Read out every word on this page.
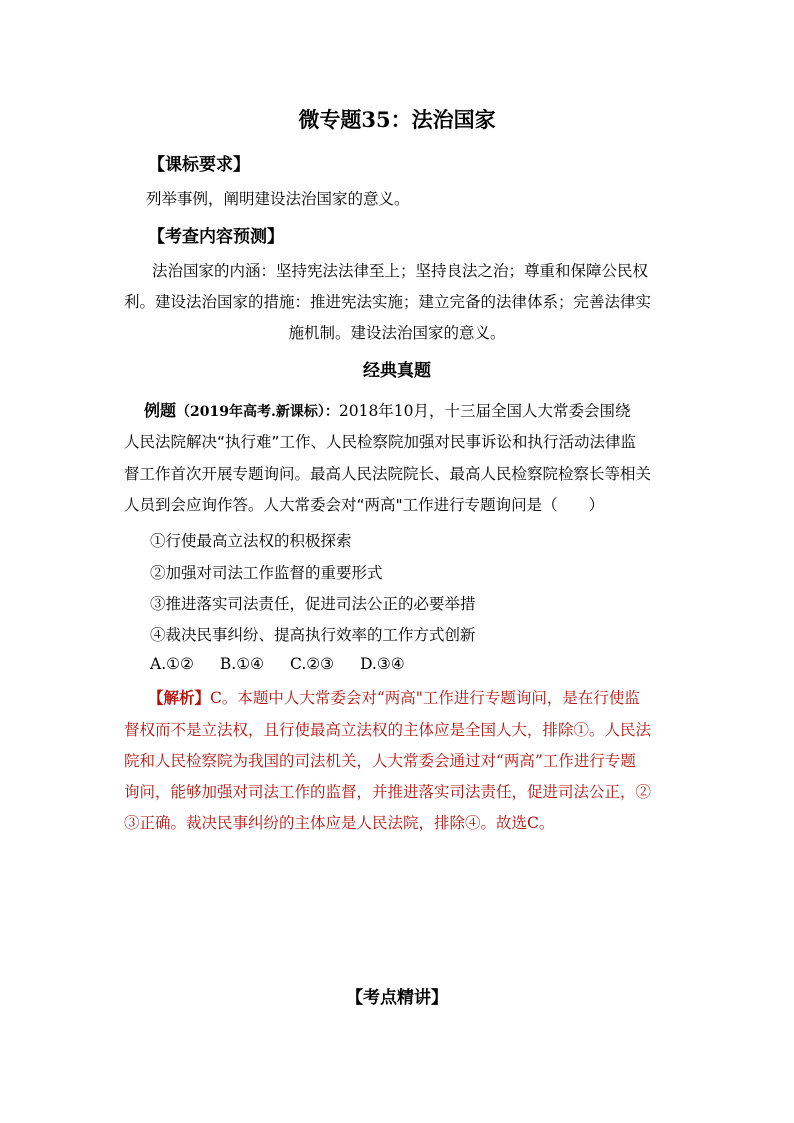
微专题35：法治国家
【课标要求】
列举事例，阐明建设法治国家的意义。
【考查内容预测】
法治国家的内涵：坚持宪法法律至上；坚持良法之治；尊重和保障公民权
利。建设法治国家的措施：推进宪法实施；建立完备的法律体系；完善法律实
施机制。建设法治国家的意义。
经典真题
例题（2019年高考.新课标）：2018年10月，十三届全国人大常委会围绕
人民法院解决“执行难”工作、人民检察院加强对民事诉讼和执行活动法律监
督工作首次开展专题询问。最高人民法院院长、最高人民检察院检察长等相关
人员到会应询作答。人大常委会对“两高"工作进行专题询问是（　　）
①行使最高立法权的积极探索
②加强对司法工作监督的重要形式
③推进落实司法责任，促进司法公正的必要举措
④裁决民事纠纷、提高执行效率的工作方式创新
A.①② B.①④ C.②③ D.③④
【解析】C。本题中人大常委会对“两高"工作进行专题询问，是在行使监
督权而不是立法权，且行使最高立法权的主体应是全国人大，排除①。人民法
院和人民检察院为我国的司法机关，人大常委会通过对“两高”工作进行专题
询问，能够加强对司法工作的监督，并推进落实司法责任，促进司法公正，②
③正确。裁决民事纠纷的主体应是人民法院，排除④。故选C。
【考点精讲】
